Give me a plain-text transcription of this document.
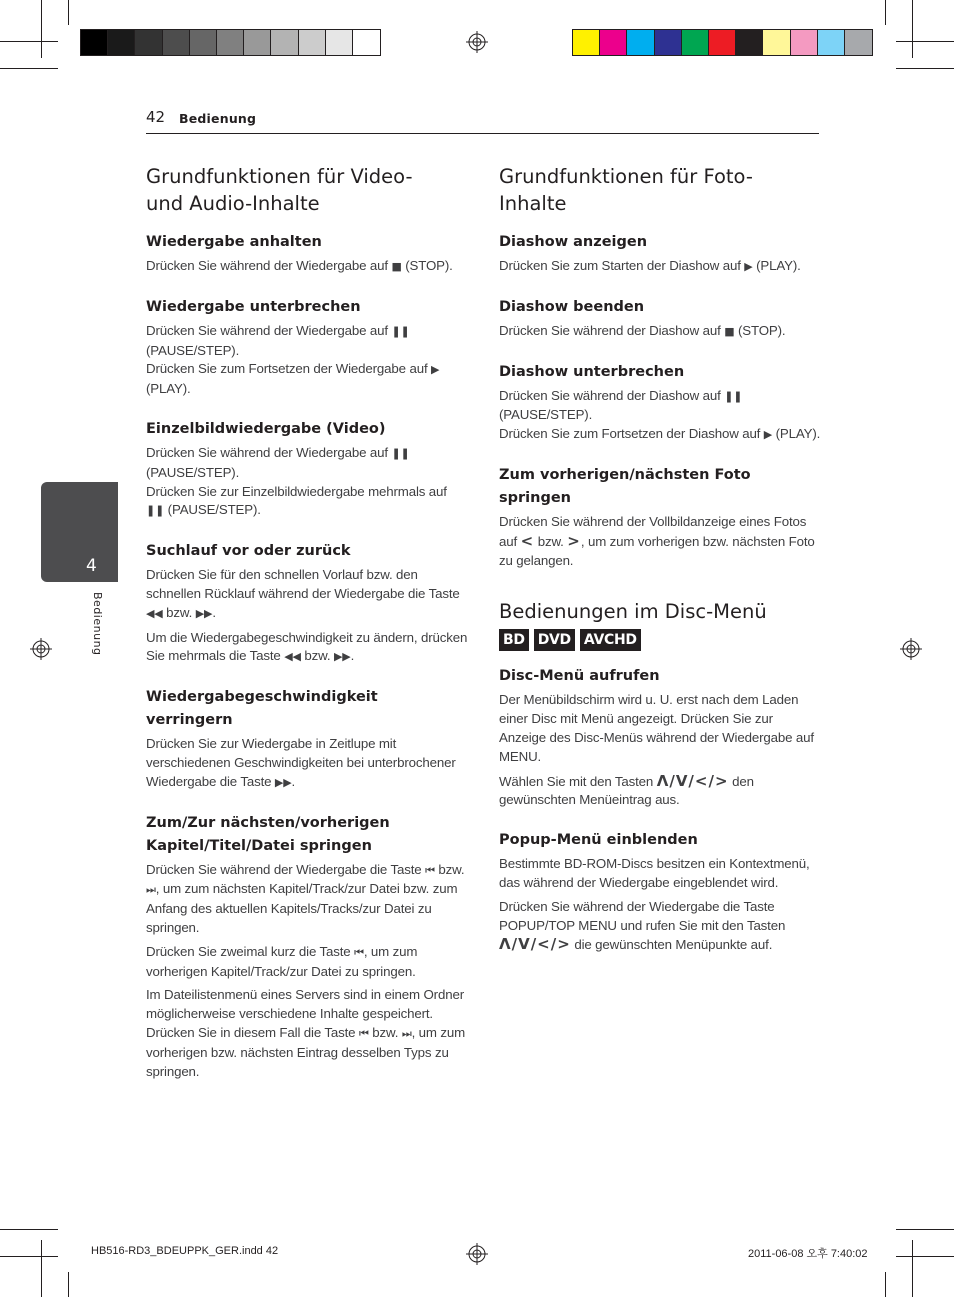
42 Bedienung
4
Bedienung
Grundfunktionen für Video-
und Audio-Inhalte
Wiedergabe anhalten

Drücken Sie während der Wiedergabe auf ■ (STOP).

Wiedergabe unterbrechen

Drücken Sie während der Wiedergabe auf ❚❚ (PAUSE/STEP).
Drücken Sie zum Fortsetzen der Wiedergabe auf ▶ (PLAY).

Einzelbildwiedergabe (Video)

Drücken Sie während der Wiedergabe auf ❚❚ (PAUSE/STEP).
Drücken Sie zur Einzelbildwiedergabe mehrmals auf ❚❚ (PAUSE/STEP).

Suchlauf vor oder zurück

Drücken Sie für den schnellen Vorlauf bzw. den schnellen Rücklauf während der Wiedergabe die Taste ◀◀ bzw. ▶▶.

Um die Wiedergabegeschwindigkeit zu ändern, drücken Sie mehrmals die Taste ◀◀ bzw. ▶▶.

Wiedergabegeschwindigkeit
verringern

Drücken Sie zur Wiedergabe in Zeitlupe mit verschiedenen Geschwindigkeiten bei unterbrochener Wiedergabe die Taste ▶▶.

Zum/Zur nächsten/vorherigen
Kapitel/Titel/Datei springen

Drücken Sie während der Wiedergabe die Taste ⏮ bzw. ⏭, um zum nächsten Kapitel/Track/zur Datei bzw. zum Anfang des aktuellen Kapitels/Tracks/zur Datei zu springen.

Drücken Sie zweimal kurz die Taste ⏮, um zum vorherigen Kapitel/Track/zur Datei zu springen.

Im Dateilistenmenü eines Servers sind in einem Ordner möglicherweise verschiedene Inhalte gespeichert. Drücken Sie in diesem Fall die Taste ⏮ bzw. ⏭, um zum vorherigen bzw. nächsten Eintrag desselben Typs zu springen.

Grundfunktionen für Foto-
Inhalte
Diashow anzeigen

Drücken Sie zum Starten der Diashow auf ▶ (PLAY).

Diashow beenden

Drücken Sie während der Diashow auf ■ (STOP).

Diashow unterbrechen

Drücken Sie während der Diashow auf ❚❚ (PAUSE/STEP).
Drücken Sie zum Fortsetzen der Diashow auf ▶ (PLAY).

Zum vorherigen/nächsten Foto
springen

Drücken Sie während der Vollbildanzeige eines Fotos auf < bzw. >, um zum vorherigen bzw. nächsten Foto zu gelangen.

Bedienungen im Disc-Menü
BD DVD AVCHD
Disc-Menü aufrufen

Der Menübildschirm wird u. U. erst nach dem Laden einer Disc mit Menü angezeigt. Drücken Sie zur Anzeige des Disc-Menüs während der Wiedergabe auf MENU.

Wählen Sie mit den Tasten Λ/V/</> den gewünschten Menüeintrag aus.

Popup-Menü einblenden

Bestimmte BD-ROM-Discs besitzen ein Kontextmenü, das während der Wiedergabe eingeblendet wird.

Drücken Sie während der Wiedergabe die Taste POPUP/TOP MENU und rufen Sie mit den Tasten Λ/V/</> die gewünschten Menüpunkte auf.

HB516-RD3_BDEUPPK_GER.indd 42	2011-06-08 오후 7:40:02
